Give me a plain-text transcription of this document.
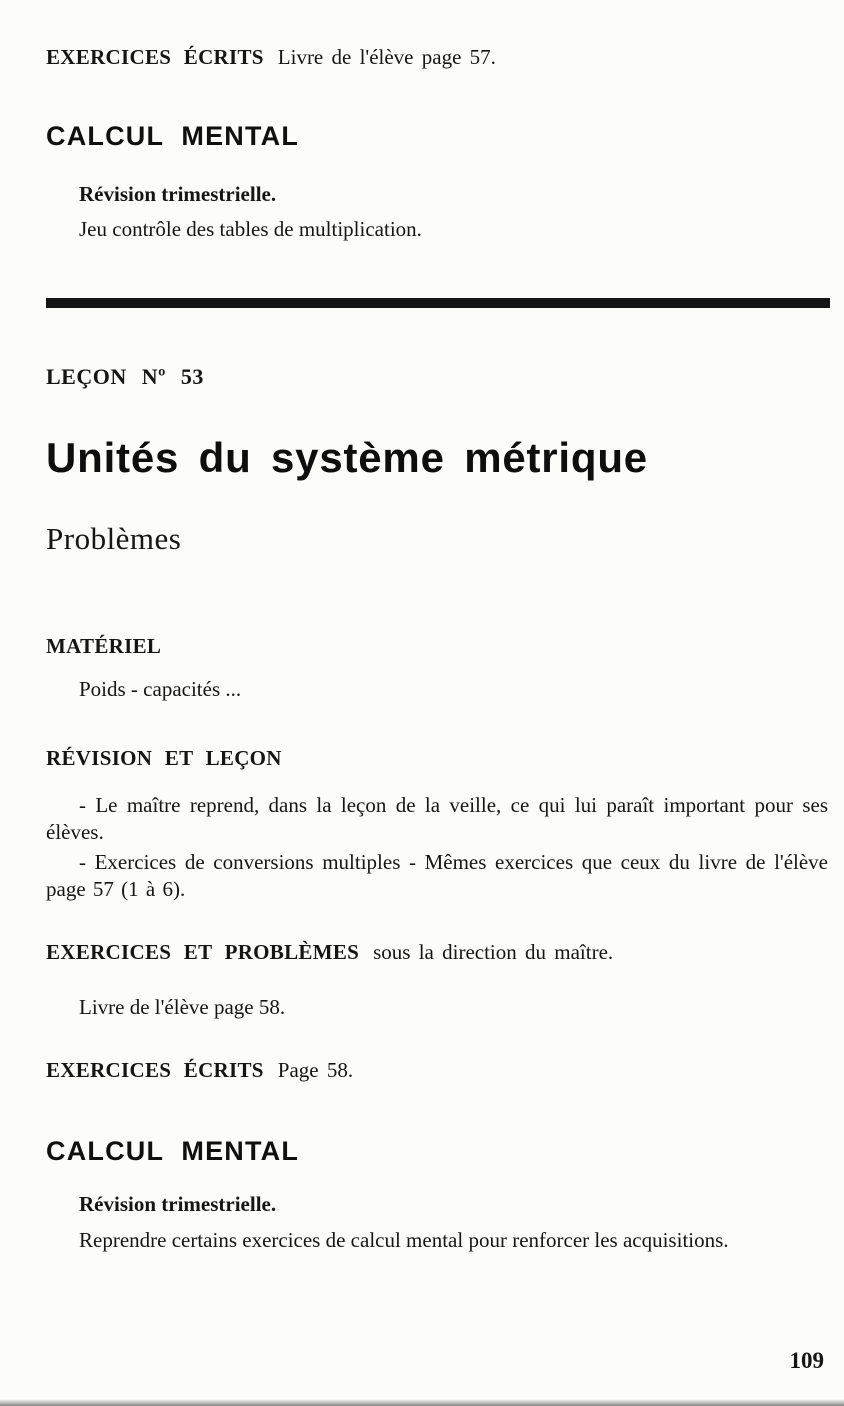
EXERCICES ÉCRITS Livre de l'élève page 57.

CALCUL MENTAL

Révision trimestrielle.

Jeu contrôle des tables de multiplication.

LEÇON Nº 53

Unités du système métrique
Problèmes
MATÉRIEL

Poids - capacités ...

RÉVISION ET LEÇON

- Le maître reprend, dans la leçon de la veille, ce qui lui paraît important pour ses élèves.

- Exercices de conversions multiples - Mêmes exercices que ceux du livre de l'élève page 57 (1 à 6).

EXERCICES ET PROBLÈMES sous la direction du maître.

Livre de l'élève page 58.

EXERCICES ÉCRITS Page 58.

CALCUL MENTAL

Révision trimestrielle.

Reprendre certains exercices de calcul mental pour renforcer les acquisitions.

109
